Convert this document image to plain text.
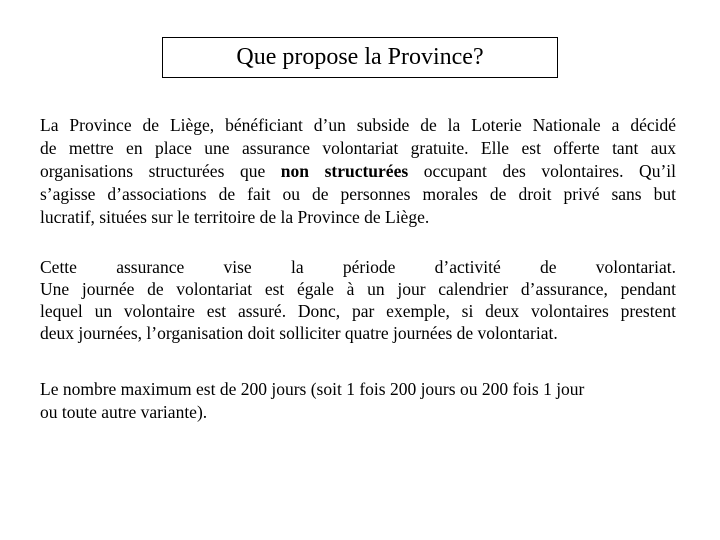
Que propose la Province?
La Province de Liège, bénéficiant d’un subside de la Loterie Nationale a décidé
de mettre en place une assurance volontariat gratuite. Elle est offerte tant aux
organisations structurées que non structurées occupant des volontaires. Qu’il
s’agisse d’associations de fait ou de personnes morales de droit privé sans but
lucratif, situées sur le territoire de la Province de Liège.
Cette assurance vise la période d’activité de volontariat.
Une journée de volontariat est égale à un jour calendrier d’assurance, pendant
lequel un volontaire est assuré. Donc, par exemple, si deux volontaires prestent
deux journées, l’organisation doit solliciter quatre journées de volontariat.
Le nombre maximum est de 200 jours (soit 1 fois 200 jours ou 200 fois 1 jour
ou toute autre variante).
